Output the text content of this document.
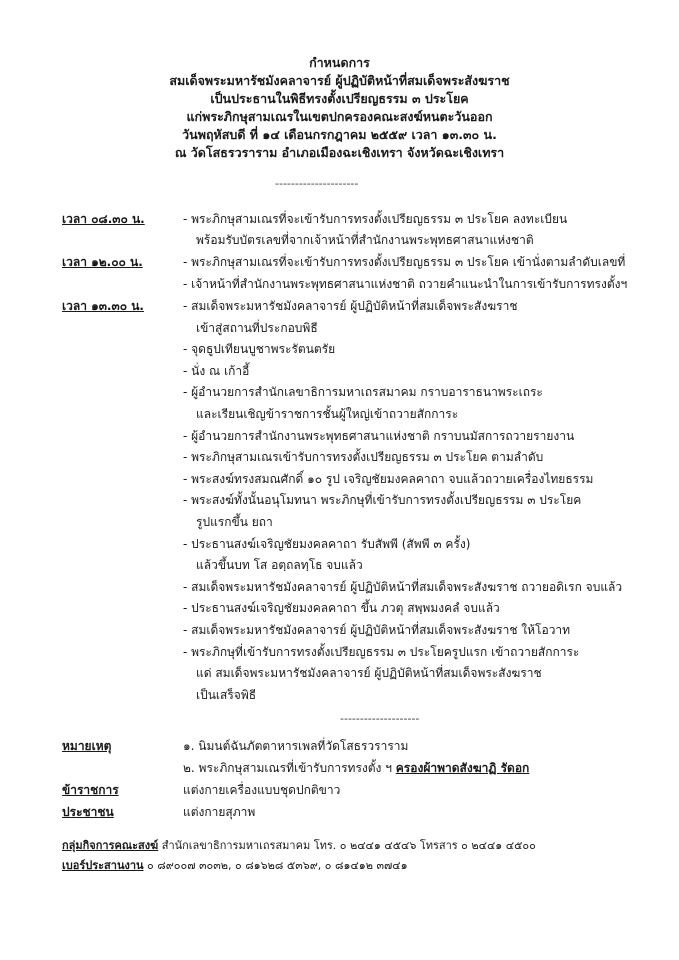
กำหนดการ
สมเด็จพระมหารัชมังคลาจารย์ ผู้ปฏิบัติหน้าที่สมเด็จพระสังฆราช
เป็นประธานในพิธีทรงตั้งเปรียญธรรม ๓ ประโยค
แก่พระภิกษุสามเณรในเขตปกครองคณะสงฆ์หนตะวันออก
วันพฤหัสบดี ที่ ๑๔ เดือนกรกฎาคม ๒๕๕๙ เวลา ๑๓.๓๐ น.
ณ วัดโสธรวราราม อำเภอเมืองฉะเชิงเทรา จังหวัดฉะเชิงเทรา
---------------------
เวลา ๐๘.๓๐ น.	- พระภิกษุสามเณรที่จะเข้ารับการทรงตั้งเปรียญธรรม ๓ ประโยค ลงทะเบียน
พร้อมรับบัตรเลขที่จากเจ้าหน้าที่สำนักงานพระพุทธศาสนาแห่งชาติ
เวลา ๑๒.๐๐ น.	- พระภิกษุสามเณรที่จะเข้ารับการทรงตั้งเปรียญธรรม ๓ ประโยค เข้านั่งตามลำดับเลขที่
- เจ้าหน้าที่สำนักงานพระพุทธศาสนาแห่งชาติ ถวายคำแนะนำในการเข้ารับการทรงตั้งฯ
เวลา ๑๓.๓๐ น.	- สมเด็จพระมหารัชมังคลาจารย์ ผู้ปฏิบัติหน้าที่สมเด็จพระสังฆราช
เข้าสู่สถานที่ประกอบพิธี
- จุดธูปเทียนบูชาพระรัตนตรัย
- นั่ง ณ เก้าอี้
- ผู้อำนวยการสำนักเลขาธิการมหาเถรสมาคม กราบอาราธนาพระเถระ
และเรียนเชิญข้าราชการชั้นผู้ใหญ่เข้าถวายสักการะ
- ผู้อำนวยการสำนักงานพระพุทธศาสนาแห่งชาติ กราบนมัสการถวายรายงาน
- พระภิกษุสามเณรเข้ารับการทรงตั้งเปรียญธรรม ๓ ประโยค ตามลำดับ
- พระสงฆ์ทรงสมณศักดิ์ ๑๐ รูป เจริญชัยมงคลคาถา จบแล้วถวายเครื่องไทยธรรม
- พระสงฆ์ทั้งนั้นอนุโมทนา พระภิกษุที่เข้ารับการทรงตั้งเปรียญธรรม ๓ ประโยค
รูปแรกขึ้น ยถา
- ประธานสงฆ์เจริญชัยมงคลคาถา รับสัพพี (สัพพี ๓ ครั้ง)
แล้วขึ้นบท โส อตฺถลทฺโธ จบแล้ว
- สมเด็จพระมหารัชมังคลาจารย์ ผู้ปฏิบัติหน้าที่สมเด็จพระสังฆราช ถวายอดิเรก จบแล้ว
- ประธานสงฆ์เจริญชัยมงคลคาถา ขึ้น ภวตุ สพฺพมงคลํ จบแล้ว
- สมเด็จพระมหารัชมังคลาจารย์ ผู้ปฏิบัติหน้าที่สมเด็จพระสังฆราช ให้โอวาท
- พระภิกษุที่เข้ารับการทรงตั้งเปรียญธรรม ๓ ประโยครูปแรก เข้าถวายสักการะ
แด่ สมเด็จพระมหารัชมังคลาจารย์ ผู้ปฏิบัติหน้าที่สมเด็จพระสังฆราช
เป็นเสร็จพิธี
--------------------
หมายเหตุ	๑. นิมนต์ฉันภัตตาหารเพลที่วัดโสธรวราราม
๒. พระภิกษุสามเณรที่เข้ารับการทรงตั้ง ฯ ครองผ้าพาดสังฆาฏิ รัดอก
ข้าราชการ	แต่งกายเครื่องแบบชุดปกติขาว
ประชาชน	แต่งกายสุภาพ
กลุ่มกิจการคณะสงฆ์ สำนักเลขาธิการมหาเถรสมาคม โทร. ๐ ๒๔๔๑ ๔๕๔๖ โทรสาร ๐ ๒๔๔๑ ๔๕๐๐
เบอร์ประสานงาน ๐ ๘๙๐๐๗ ๓๐๓๒, ๐ ๘๑๖๒๘ ๕๓๖๙, ๐ ๘๑๔๑๒ ๓๗๔๑
